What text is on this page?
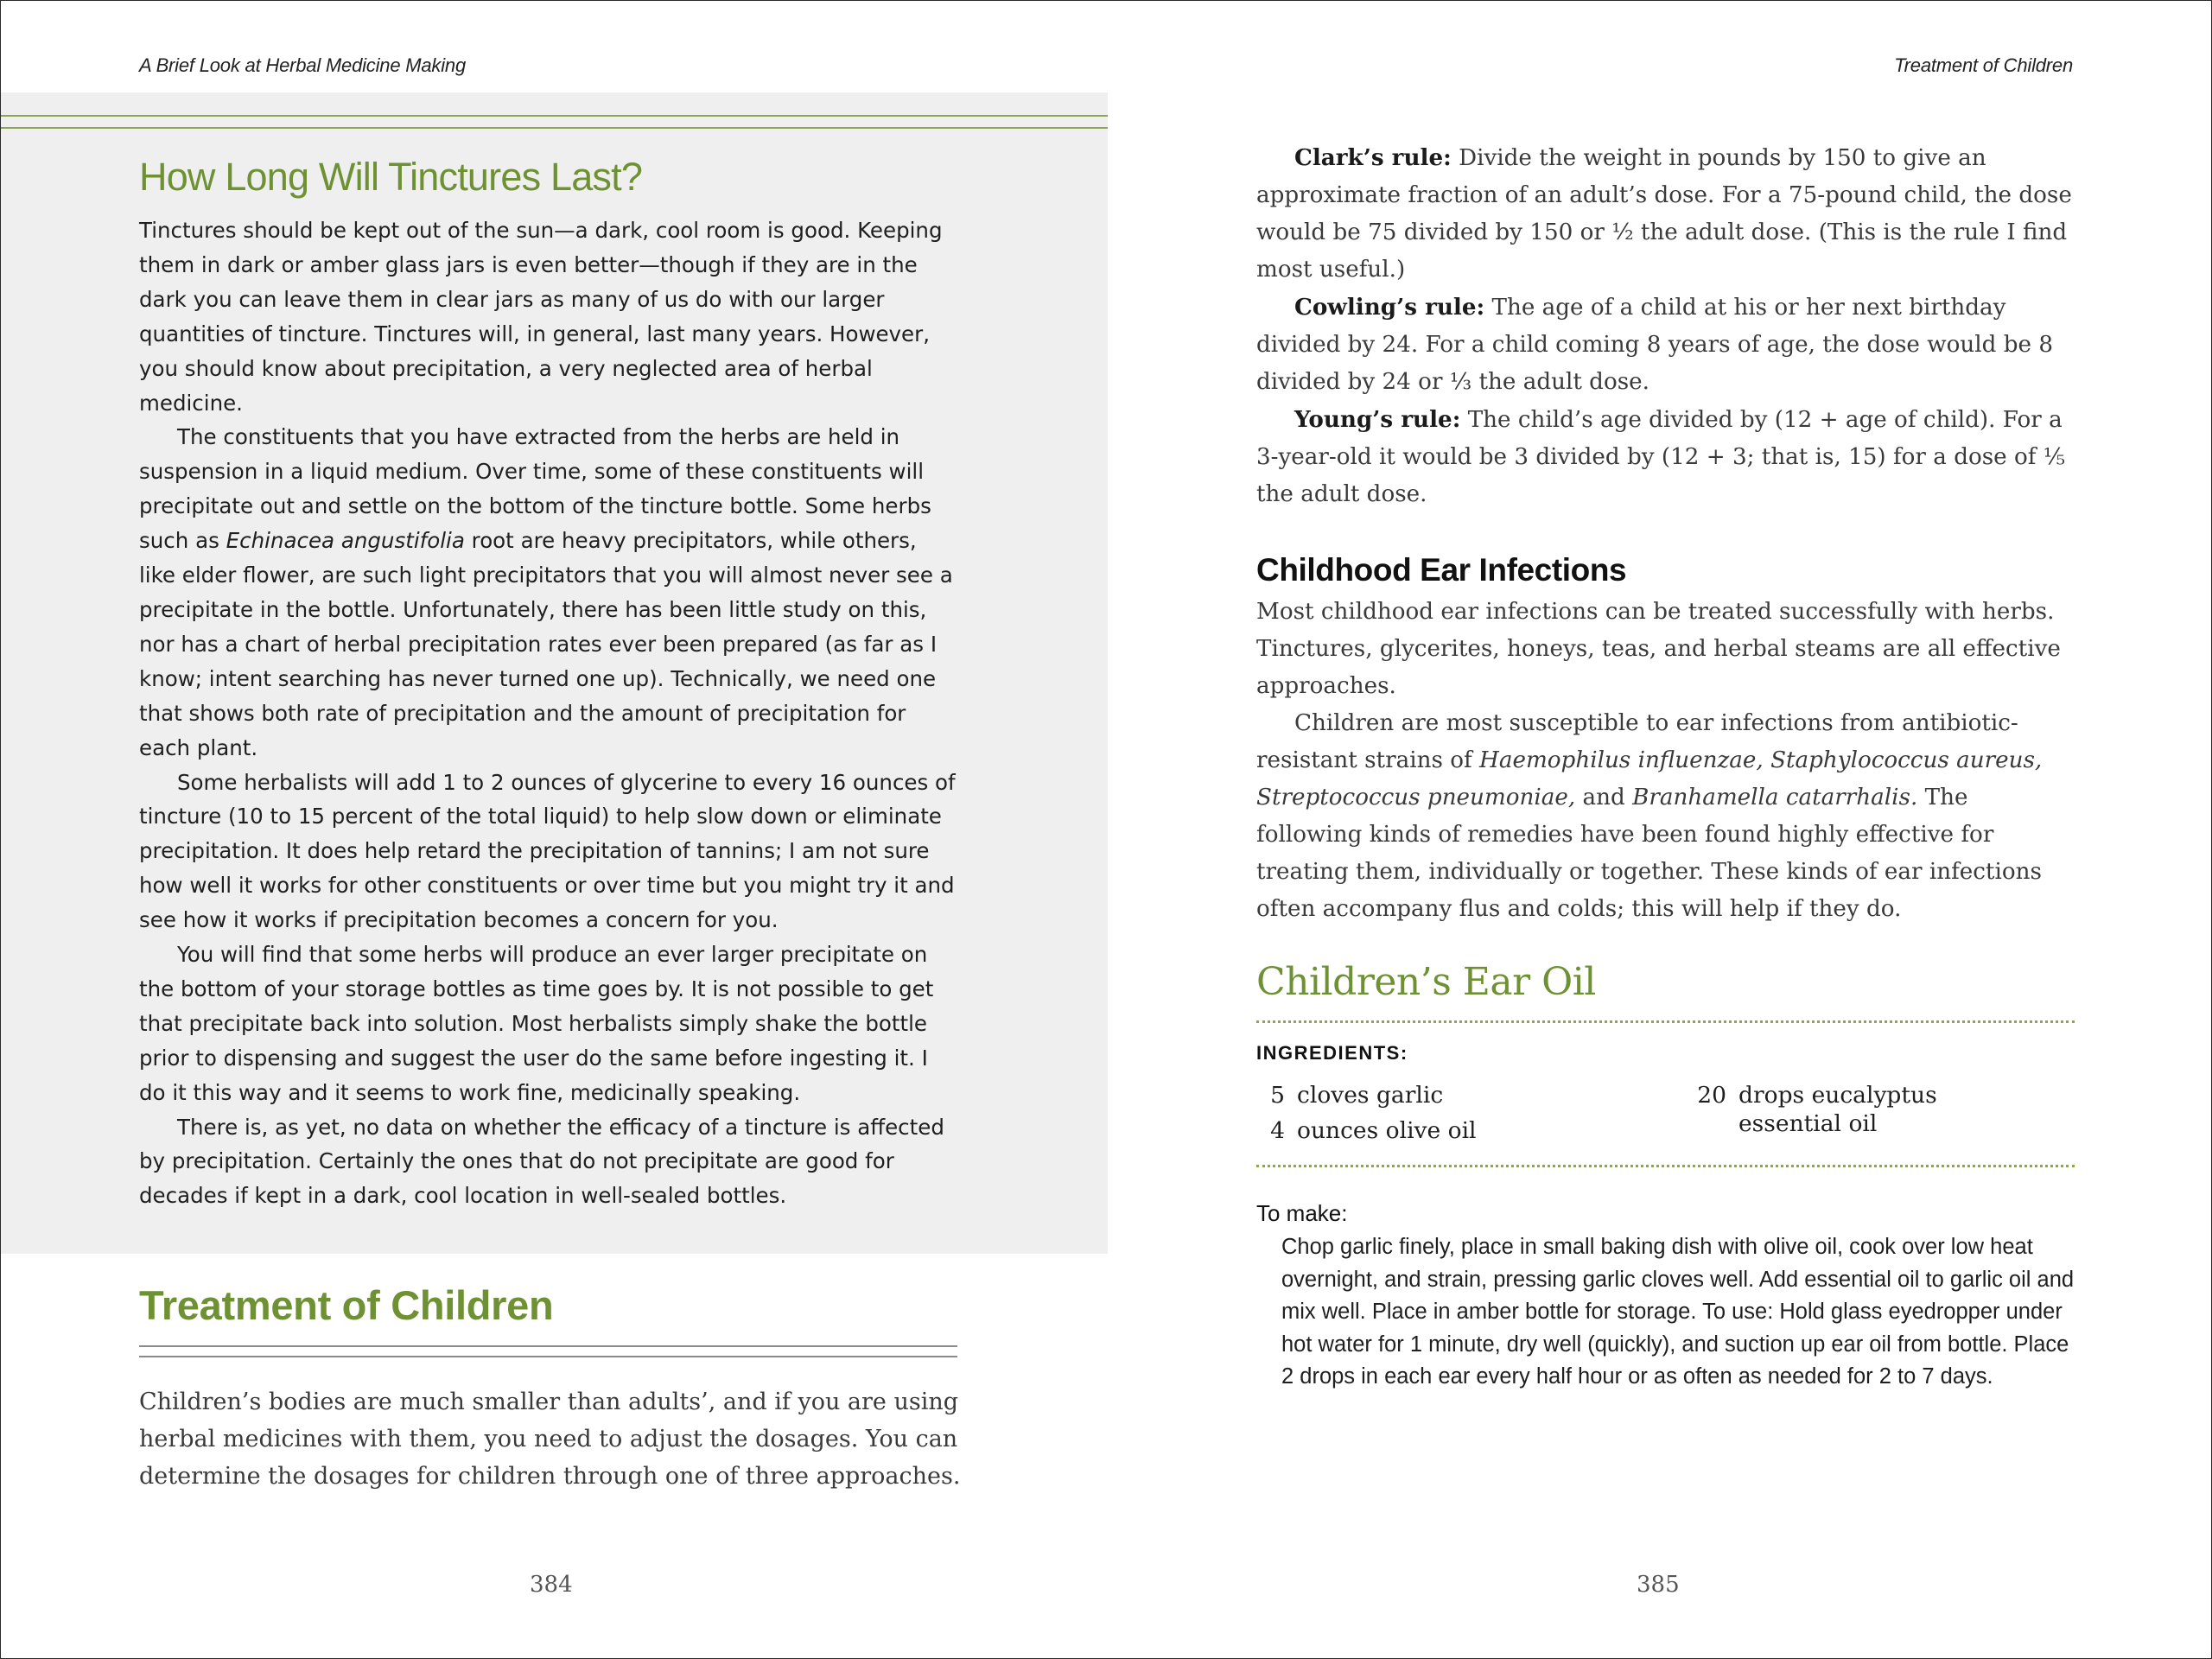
A Brief Look at Herbal Medicine Making	Treatment of Children
How Long Will Tinctures Last?

Tinctures should be kept out of the sun—a dark, cool room is good. Keeping them in dark or amber glass jars is even better—though if they are in the dark you can leave them in clear jars as many of us do with our larger quantities of tincture. Tinctures will, in general, last many years. However, you should know about precipitation, a very neglected area of herbal medicine.

The constituents that you have extracted from the herbs are held in suspension in a liquid medium. Over time, some of these constituents will precipitate out and settle on the bottom of the tincture bottle. Some herbs such as Echinacea angustifolia root are heavy precipitators, while others, like elder flower, are such light precipitators that you will almost never see a precipitate in the bottle. Unfortunately, there has been little study on this, nor has a chart of herbal precipitation rates ever been prepared (as far as I know; intent searching has never turned one up). Technically, we need one that shows both rate of precipitation and the amount of precipitation for each plant.

Some herbalists will add 1 to 2 ounces of glycerine to every 16 ounces of tincture (10 to 15 percent of the total liquid) to help slow down or eliminate precipitation. It does help retard the precipitation of tannins; I am not sure how well it works for other constituents or over time but you might try it and see how it works if precipitation becomes a concern for you.

You will find that some herbs will produce an ever larger precipitate on the bottom of your storage bottles as time goes by. It is not possible to get that precipitate back into solution. Most herbalists simply shake the bottle prior to dispensing and suggest the user do the same before ingesting it. I do it this way and it seems to work fine, medicinally speaking.

There is, as yet, no data on whether the efficacy of a tincture is affected by precipitation. Certainly the ones that do not precipitate are good for decades if kept in a dark, cool location in well-sealed bottles.

Treatment of Children

Children’s bodies are much smaller than adults’, and if you are using herbal medicines with them, you need to adjust the dosages. You can determine the dosages for children through one of three approaches.

384	385

Clark’s rule: Divide the weight in pounds by 150 to give an approximate fraction of an adult’s dose. For a 75-pound child, the dose would be 75 divided by 150 or ½ the adult dose. (This is the rule I find most useful.)

Cowling’s rule: The age of a child at his or her next birthday divided by 24. For a child coming 8 years of age, the dose would be 8 divided by 24 or ⅓ the adult dose.

Young’s rule: The child’s age divided by (12 + age of child). For a 3-year-old it would be 3 divided by (12 + 3; that is, 15) for a dose of ⅕ the adult dose.

Childhood Ear Infections

Most childhood ear infections can be treated successfully with herbs. Tinctures, glycerites, honeys, teas, and herbal steams are all effective approaches.

Children are most susceptible to ear infections from antibiotic-resistant strains of Haemophilus influenzae, Staphylococcus aureus, Streptococcus pneumoniae, and Branhamella catarrhalis. The following kinds of remedies have been found highly effective for treating them, individually or together. These kinds of ear infections often accompany flus and colds; this will help if they do.

Children’s Ear Oil
INGREDIENTS:
5 cloves garlic
4 ounces olive oil
20 drops eucalyptus
essential oil
To make:

Chop garlic finely, place in small baking dish with olive oil, cook over low heat overnight, and strain, pressing garlic cloves well. Add essential oil to garlic oil and mix well. Place in amber bottle for storage. To use: Hold glass eyedropper under hot water for 1 minute, dry well (quickly), and suction up ear oil from bottle. Place 2 drops in each ear every half hour or as often as needed for 2 to 7 days.
